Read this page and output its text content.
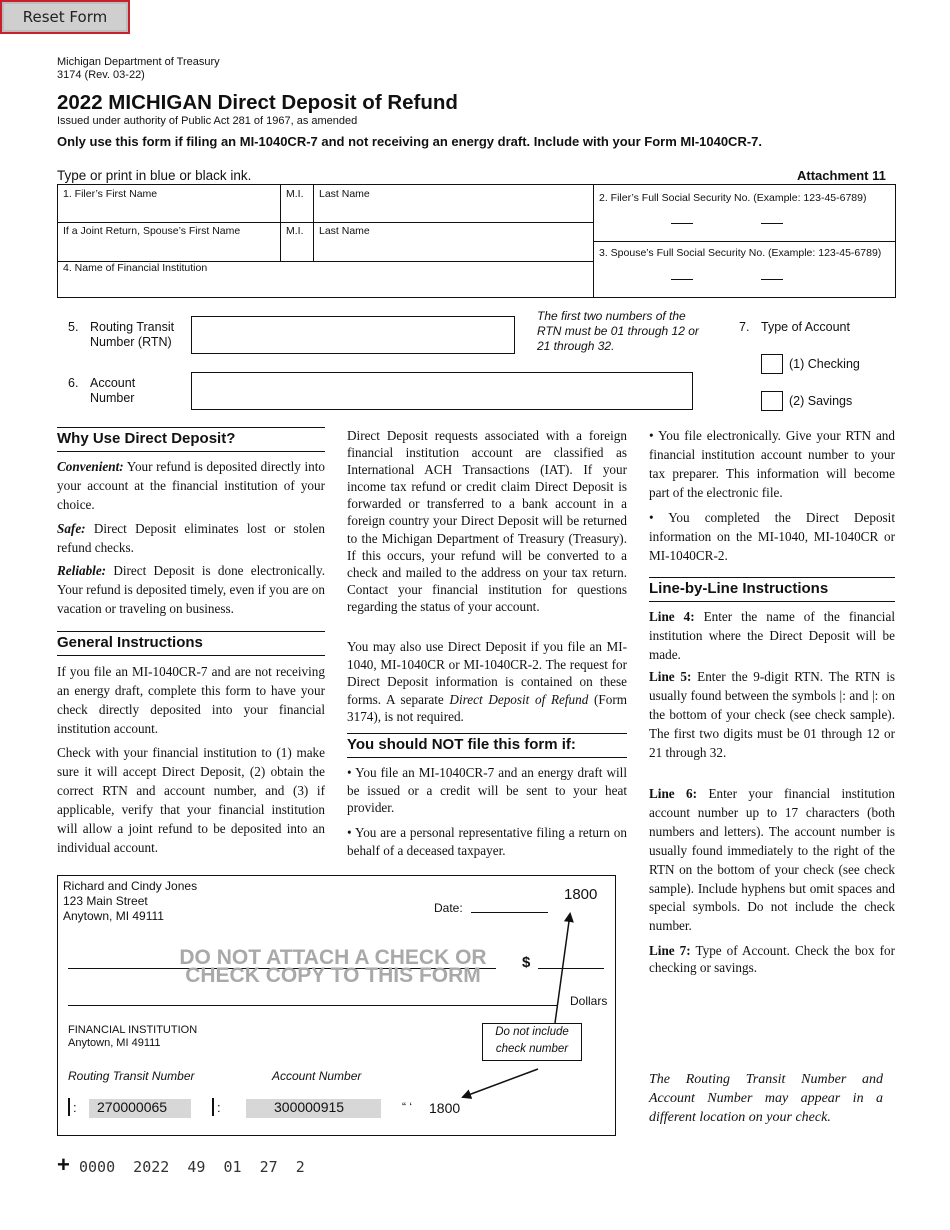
Reset Form
Michigan Department of Treasury
3174 (Rev. 03-22)
2022 MICHIGAN Direct Deposit of Refund
Issued under authority of Public Act 281 of 1967, as amended
Only use this form if filing an MI-1040CR-7 and not receiving an energy draft. Include with your Form MI-1040CR-7.
Type or print in blue or black ink.	Attachment 11
1. Filer’s First Name	M.I. Last Name
If a Joint Return, Spouse’s First Name	M.I. Last Name
4. Name of Financial Institution
2. Filer’s Full Social Security No. (Example: 123-45-6789)
3. Spouse’s Full Social Security No. (Example: 123-45-6789)
5. Routing Transit
Number (RTN)
The first two numbers of the RTN must be 01 through 12 or 21 through 32.
6. Account
Number
7. Type of Account
(1) Checking
(2) Savings
Why Use Direct Deposit?

Convenient: Your refund is deposited directly into your account at the financial institution of your choice.

Safe: Direct Deposit eliminates lost or stolen refund checks.

Reliable: Direct Deposit is done electronically. Your refund is deposited timely, even if you are on vacation or traveling on business.

General Instructions

If you file an MI-1040CR-7 and are not receiving an energy draft, complete this form to have your check directly deposited into your financial institution account.

Check with your financial institution to (1) make sure it will accept Direct Deposit, (2) obtain the correct RTN and account number, and (3) if applicable, verify that your financial institution will allow a joint refund to be deposited into an individual account.

Direct Deposit requests associated with a foreign financial institution account are classified as International ACH Transactions (IAT). If your income tax refund or credit claim Direct Deposit is forwarded or transferred to a bank account in a foreign country your Direct Deposit will be returned to the Michigan Department of Treasury (Treasury). If this occurs, your refund will be converted to a check and mailed to the address on your tax return. Contact your financial institution for questions regarding the status of your account.

You may also use Direct Deposit if you file an MI-1040, MI-1040CR or MI-1040CR-2. The request for Direct Deposit information is contained on these forms. A separate Direct Deposit of Refund (Form 3174), is not required.

You should NOT file this form if:

• You file an MI-1040CR-7 and an energy draft will be issued or a credit will be sent to your heat provider.

• You are a personal representative filing a return on behalf of a deceased taxpayer.

• You file electronically. Give your RTN and financial institution account number to your tax preparer. This information will become part of the electronic file.

• You completed the Direct Deposit information on the MI-1040, MI-1040CR or MI-1040CR-2.

Line-by-Line Instructions

Line 4: Enter the name of the financial institution where the Direct Deposit will be made.

Line 5: Enter the 9-digit RTN. The RTN is usually found between the symbols |: and |: on the bottom of your check (see check sample). The first two digits must be 01 through 12 or 21 through 32.

Line 6: Enter your financial institution account number up to 17 characters (both numbers and letters). The account number is usually found immediately to the right of the RTN on the bottom of your check (see check sample). Include hyphens but omit spaces and special symbols. Do not include the check number.

Line 7: Type of Account. Check the box for checking or savings.

The Routing Transit Number and Account Number may appear in a different location on your check.

Richard and Cindy Jones
123 Main Street
Anytown, MI 49111
1800
Date:
DO NOT ATTACH A CHECK OR
CHECK COPY TO THIS FORM
$
Dollars
FINANCIAL INSTITUTION
Anytown, MI 49111
Do not include
check number
Routing Transit Number	Account Number
:	270000065	:	300000915	“ ‘ 1800
+ 0000  2022  49  01  27  2
